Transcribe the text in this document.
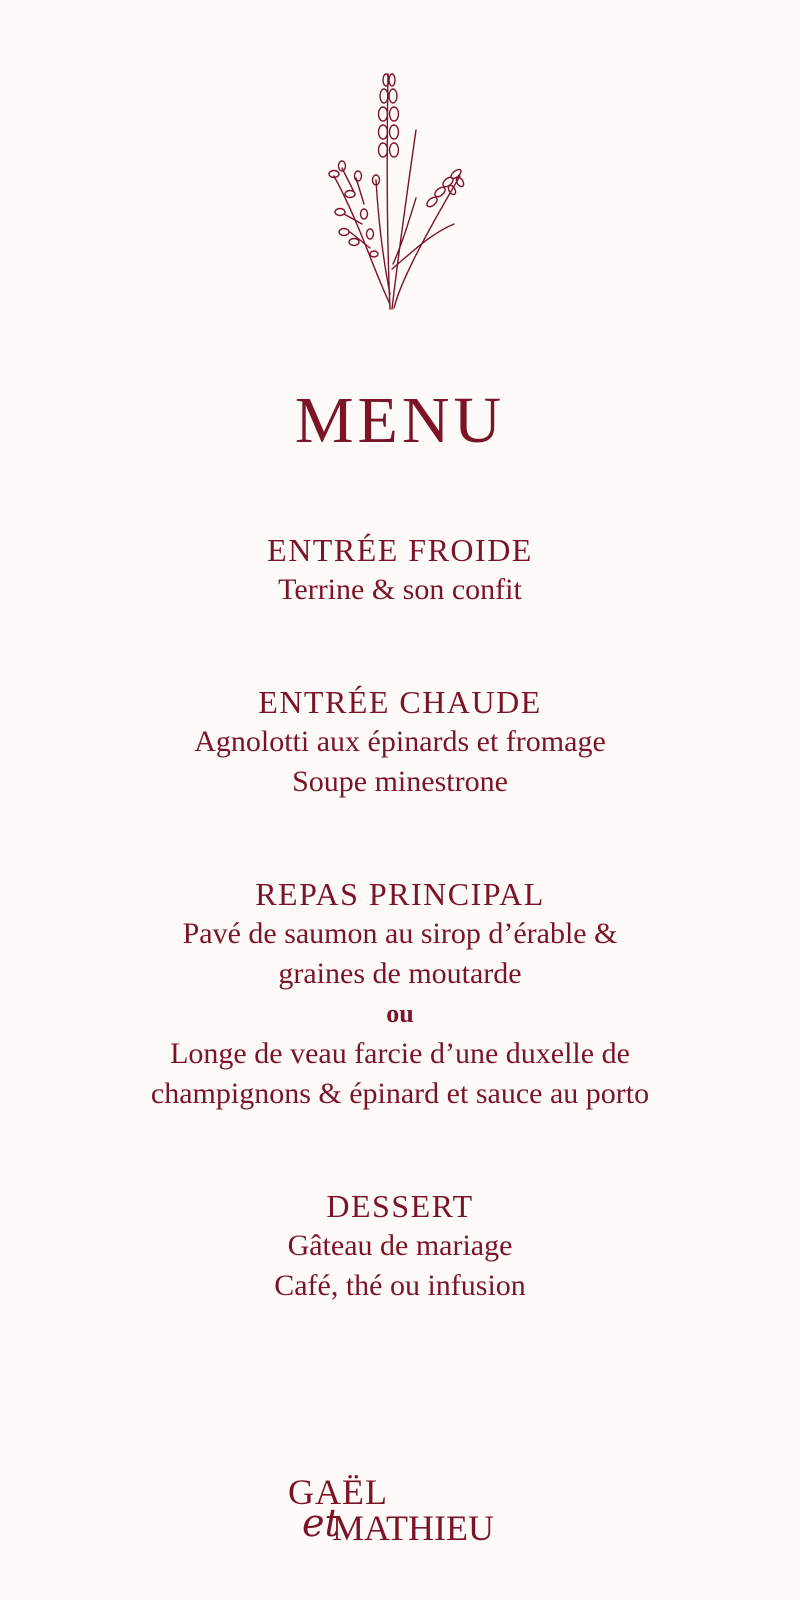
MENU

ENTRÉE FROIDE

Terrine & son confit

ENTRÉE CHAUDE

Agnolotti aux épinards et fromage

Soupe minestrone

REPAS PRINCIPAL

Pavé de saumon au sirop d’érable &

graines de moutarde

ou

Longe de veau farcie d’une duxelle de

champignons & épinard et sauce au porto

DESSERT

Gâteau de mariage

Café, thé ou infusion

GAËL
et
MATHIEU
